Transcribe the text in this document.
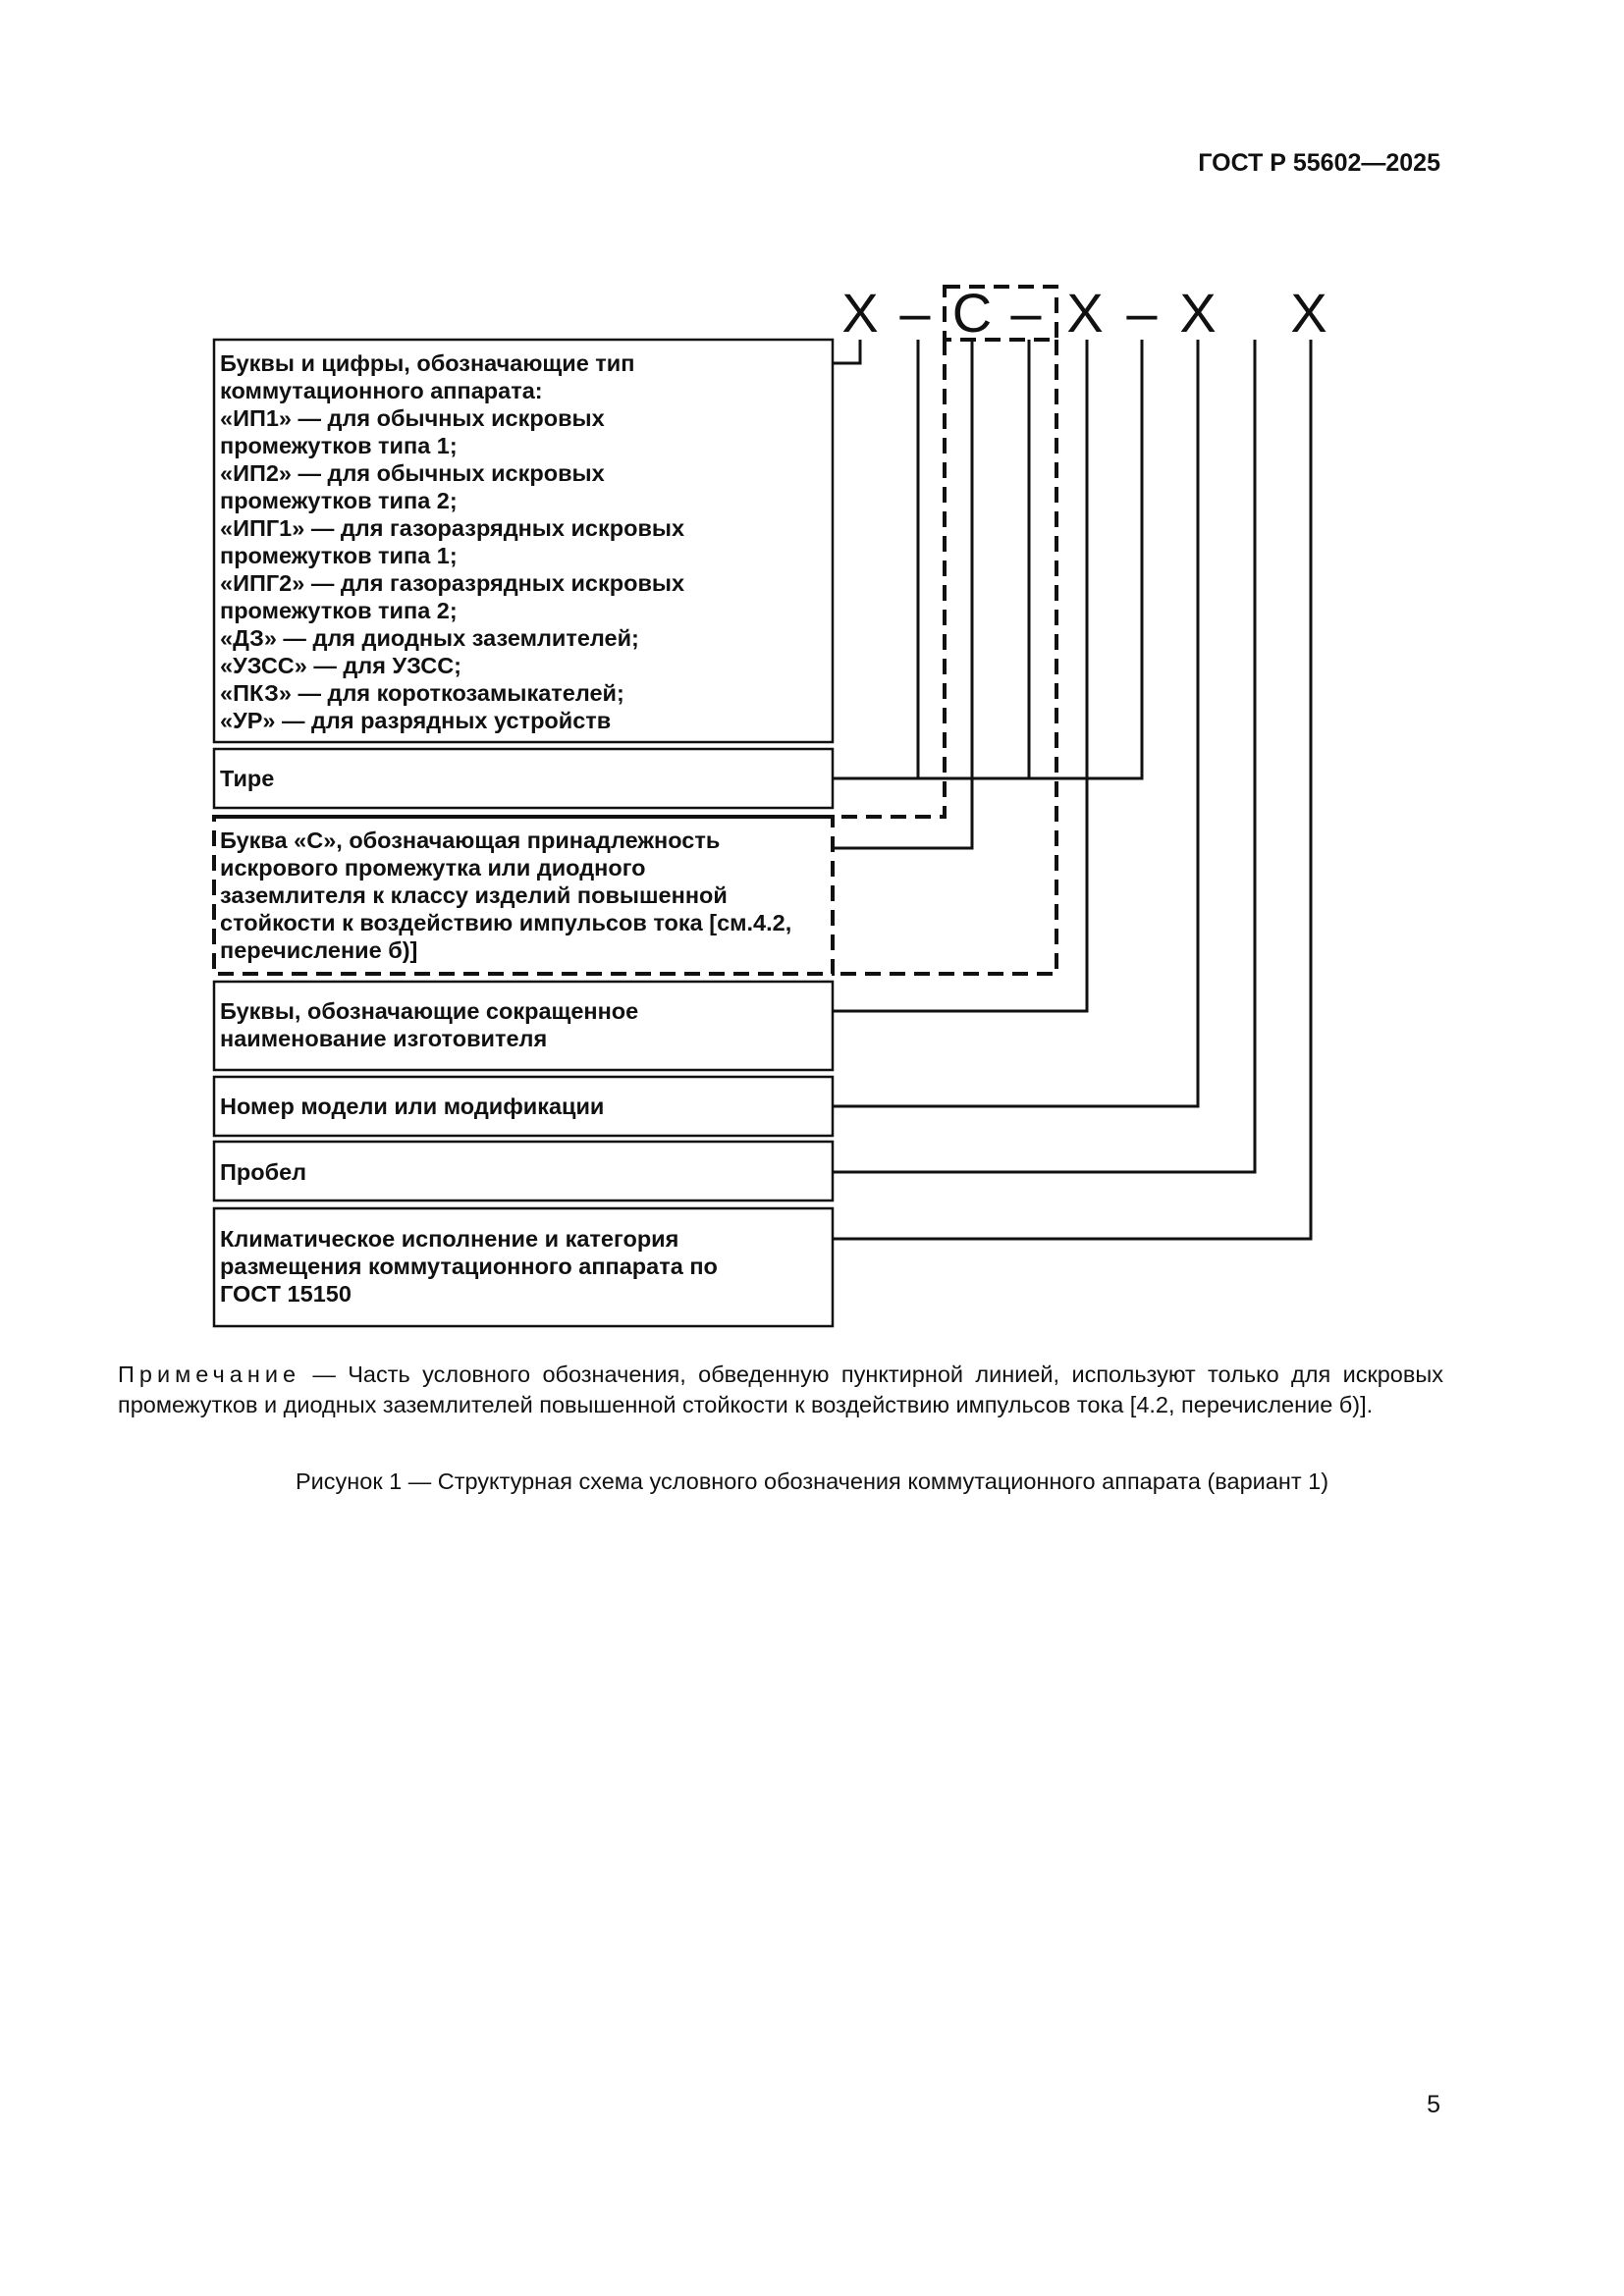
ГОСТ Р 55602—2025
X – C – X – X X
Буквы и цифры, обозначающие тип
коммутационного аппарата:
«ИП1» — для обычных искровых
промежутков типа 1;
«ИП2» — для обычных искровых
промежутков типа 2;
«ИПГ1» — для газоразрядных искровых
промежутков типа 1;
«ИПГ2» — для газоразрядных искровых
промежутков типа 2;
«ДЗ» — для диодных заземлителей;
«УЗСС» — для УЗСС;
«ПКЗ» — для короткозамыкателей;
«УР» — для разрядных устройств
Тире
Буква «С», обозначающая принадлежность
искрового промежутка или диодного
заземлителя к классу изделий повышенной
стойкости к воздействию импульсов тока [см.4.2,
перечисление б)]
Буквы, обозначающие сокращенное
наименование изготовителя
Номер модели или модификации
Пробел
Климатическое исполнение и категория
размещения коммутационного аппарата по
ГОСТ 15150
Примечание — Часть условного обозначения, обведенную пунктирной линией, используют только для искровых промежутков и диодных заземлителей повышенной стойкости к воздействию импульсов тока [4.2, перечисление б)].
Рисунок 1 — Структурная схема условного обозначения коммутационного аппарата (вариант 1)
5
